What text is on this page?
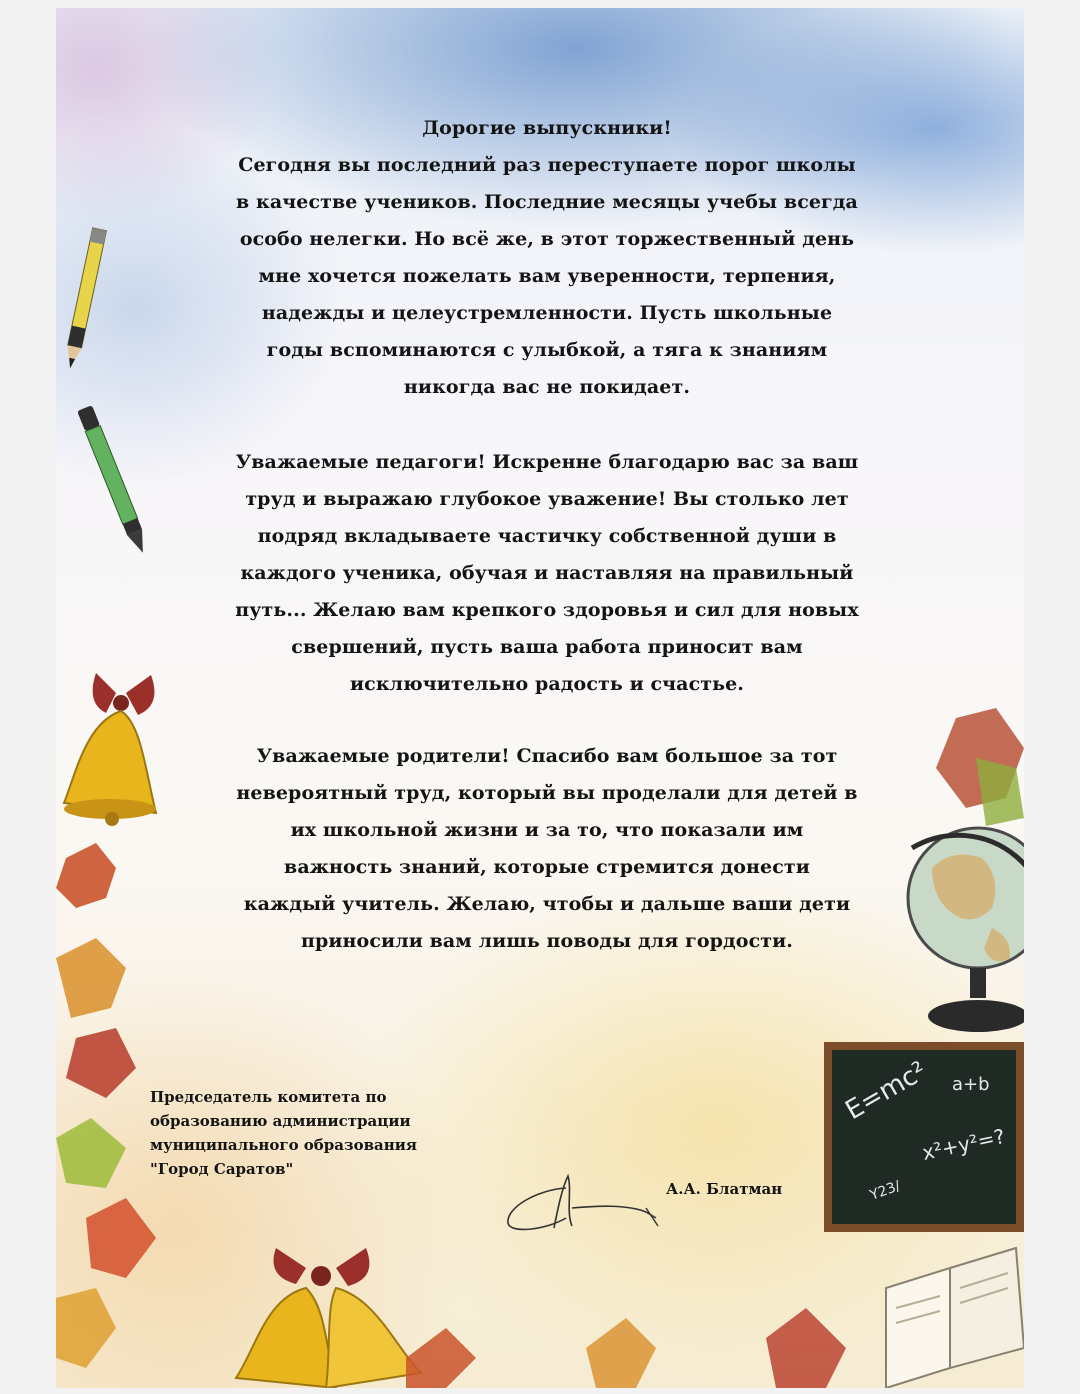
E=mc² a+b
x²+y²=?
Y23/
Дорогие выпускники!
Сегодня вы последний раз переступаете порог школы
в качестве учеников. Последние месяцы учебы всегда
особо нелегки. Но всё же, в этот торжественный день
мне хочется пожелать вам уверенности, терпения,
надежды и целеустремленности. Пусть школьные
годы вспоминаются с улыбкой, а тяга к знаниям
никогда вас не покидает.
Уважаемые педагоги! Искренне благодарю вас за ваш
труд и выражаю глубокое уважение! Вы столько лет
подряд вкладываете частичку собственной души в
каждого ученика, обучая и наставляя на правильный
путь... Желаю вам крепкого здоровья и сил для новых
свершений, пусть ваша работа приносит вам
исключительно радость и счастье.
Уважаемые родители! Спасибо вам большое за тот
невероятный труд, который вы проделали для детей в
их школьной жизни и за то, что показали им
важность знаний, которые стремится донести
каждый учитель. Желаю, чтобы и дальше ваши дети
приносили вам лишь поводы для гордости.
Председатель комитета по
образованию администрации
муниципального образования
"Город Саратов"
А.А. Блатман
